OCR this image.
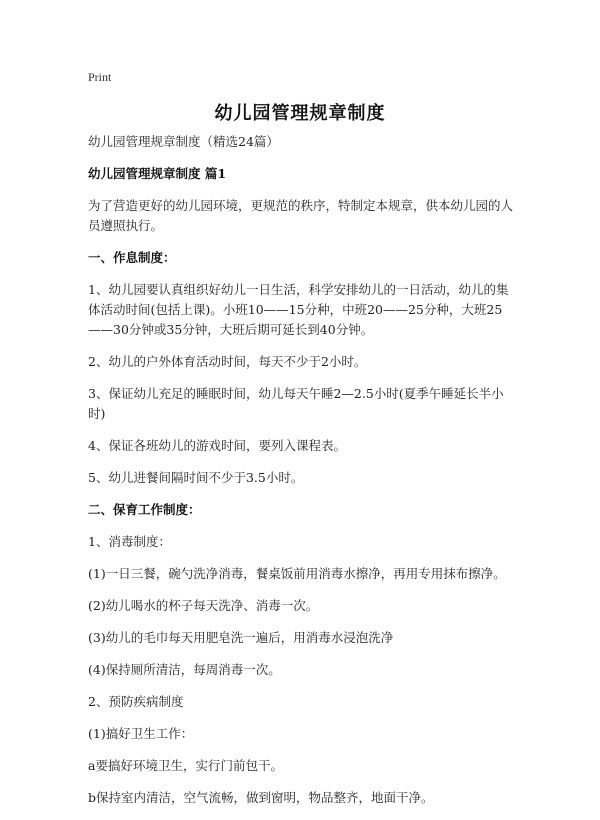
Print
幼儿园管理规章制度

幼儿园管理规章制度（精选24篇）

幼儿园管理规章制度 篇1

为了营造更好的幼儿园环境，更规范的秩序，特制定本规章，供本幼儿园的人员遵照执行。

一、作息制度：

1、幼儿园要认真组织好幼儿一日生活，科学安排幼儿的一日活动，幼儿的集体活动时间(包括上课)。小班10——15分种，中班20——25分种，大班25——30分钟或35分钟，大班后期可延长到40分钟。

2、幼儿的户外体育活动时间，每天不少于2小时。

3、保证幼儿充足的睡眠时间，幼儿每天午睡2—2.5小时(夏季午睡延长半小时)

4、保证各班幼儿的游戏时间，要列入课程表。

5、幼儿进餐间隔时间不少于3.5小时。

二、保育工作制度：

1、消毒制度：

(1)一日三餐，碗勺洗净消毒，餐桌饭前用消毒水擦净，再用专用抹布擦净。

(2)幼儿喝水的杯子每天洗净、消毒一次。

(3)幼儿的毛巾每天用肥皂洗一遍后，用消毒水浸泡洗净

(4)保持厕所清洁，每周消毒一次。

2、预防疾病制度

(1)搞好卫生工作：

a要搞好环境卫生，实行门前包干。

b保持室内清洁，空气流畅，做到窗明，物品整齐，地面干净。
